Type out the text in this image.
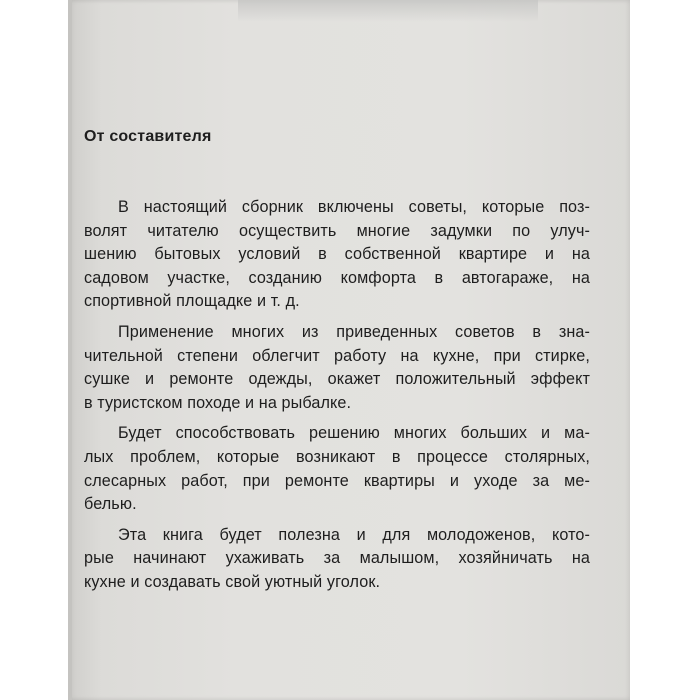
От составителя
В настоящий сборник включены советы, которые поз-
волят читателю осуществить многие задумки по улуч-
шению бытовых условий в собственной квартире и на
садовом участке, созданию комфорта в автогараже, на
спортивной площадке и т. д.
Применение многих из приведенных советов в зна-
чительной степени облегчит работу на кухне, при стирке,
сушке и ремонте одежды, окажет положительный эффект
в туристском походе и на рыбалке.
Будет способствовать решению многих больших и ма-
лых проблем, которые возникают в процессе столярных,
слесарных работ, при ремонте квартиры и уходе за ме-
белью.
Эта книга будет полезна и для молодоженов, кото-
рые начинают ухаживать за малышом, хозяйничать на
кухне и создавать свой уютный уголок.
